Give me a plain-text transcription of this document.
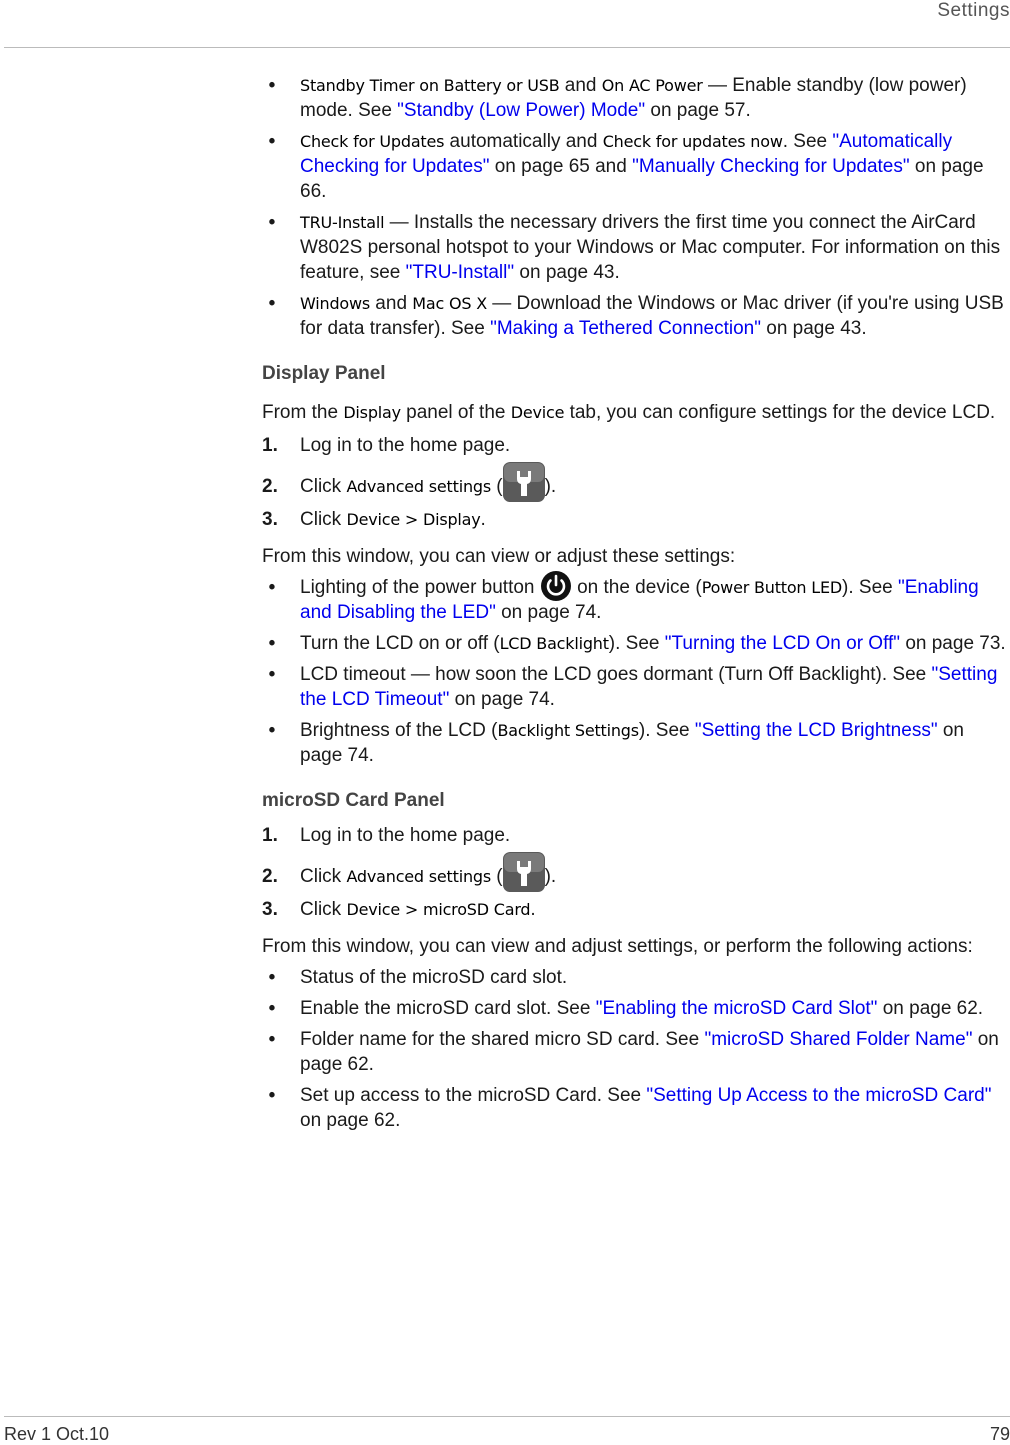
Settings
•	Standby Timer on Battery or USB and On AC Power — Enable standby (low power) mode. See "Standby (Low Power) Mode" on page 57.
•	Check for Updates automatically and Check for updates now. See "Automatically Checking for Updates" on page 65 and "Manually Checking for Updates" on page 66.
•	TRU-Install — Installs the necessary drivers the first time you connect the AirCard W802S personal hotspot to your Windows or Mac computer. For information on this feature, see "TRU-Install" on page 43.
•	Windows and Mac OS X — Download the Windows or Mac driver (if you're using USB for data transfer). See "Making a Tethered Connection" on page 43.
Display Panel
From the Display panel of the Device tab, you can configure settings for the device LCD.
1. Log in to the home page.
2. Click Advanced settings ( ).
3. Click Device > Display.
From this window, you can view or adjust these settings:
•	Lighting of the power button  on the device (Power Button LED). See "Enabling and Disabling the LED" on page 74.
•	Turn the LCD on or off (LCD Backlight). See "Turning the LCD On or Off" on page 73.
•	LCD timeout — how soon the LCD goes dormant (Turn Off Backlight). See "Setting the LCD Timeout" on page 74.
•	Brightness of the LCD (Backlight Settings). See "Setting the LCD Brightness" on page 74.
microSD Card Panel
1. Log in to the home page.
2. Click Advanced settings ( ).
3. Click Device > microSD Card.
From this window, you can view and adjust settings, or perform the following actions:
•	Status of the microSD card slot.
•	Enable the microSD card slot. See "Enabling the microSD Card Slot" on page 62.
•	Folder name for the shared micro SD card. See "microSD Shared Folder Name" on page 62.
•	Set up access to the microSD Card. See "Setting Up Access to the microSD Card" on page 62.
Rev 1 Oct.10	79
